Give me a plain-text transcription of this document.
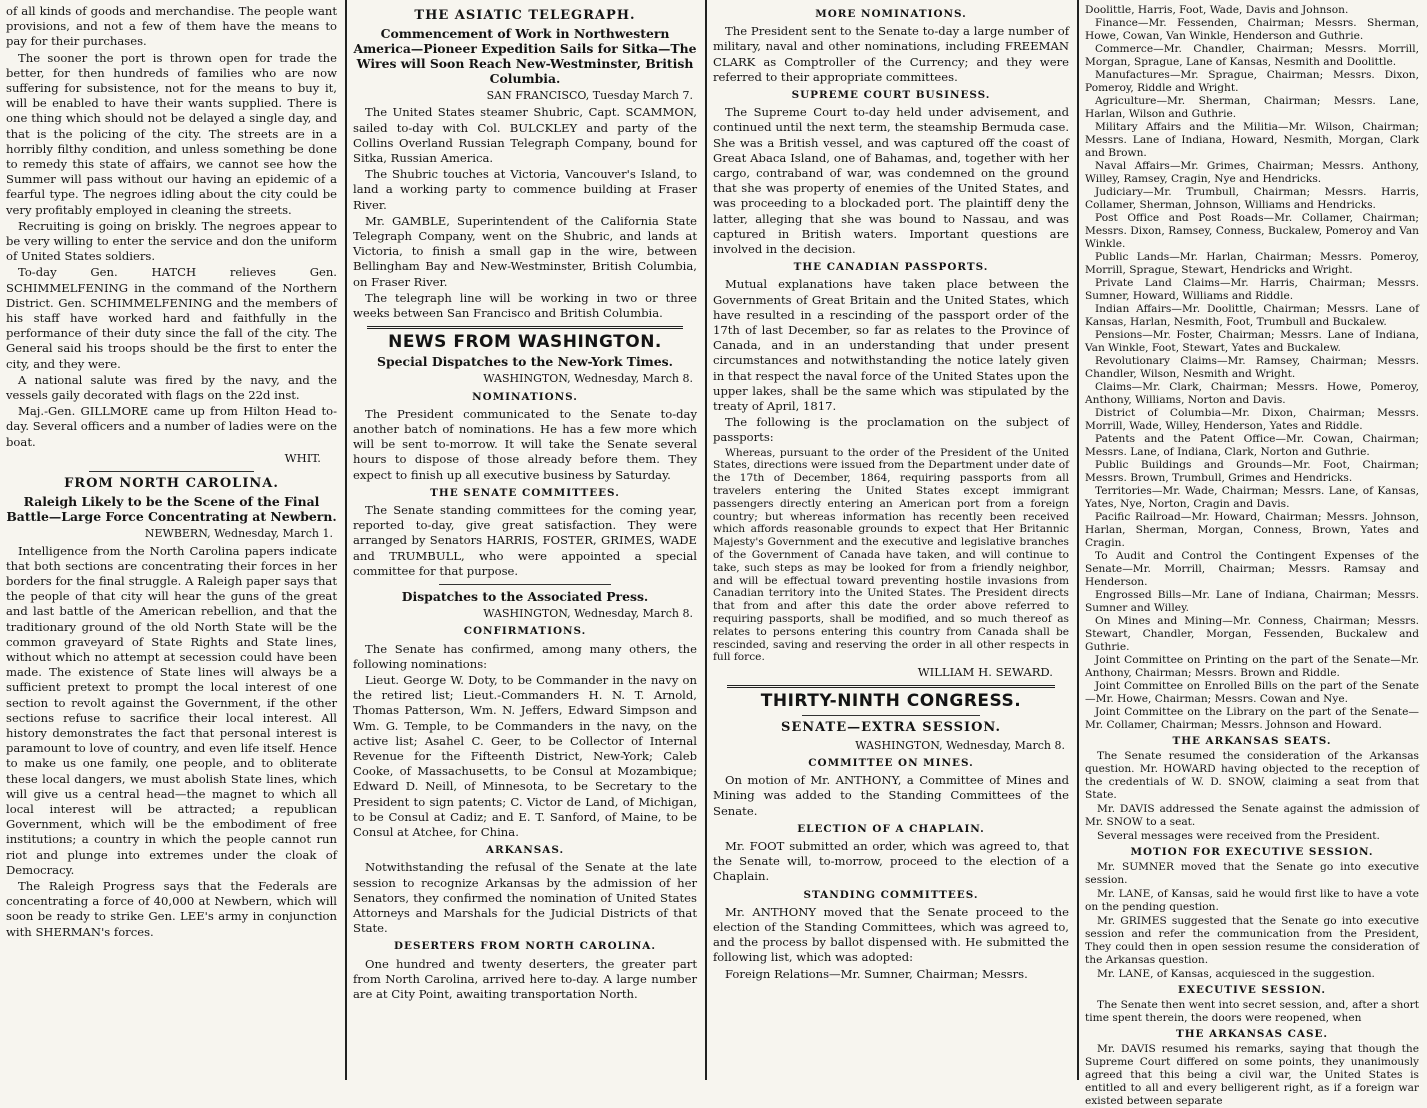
of all kinds of goods and merchandise. The people want provisions, and not a few of them have the means to pay for their purchases.

The sooner the port is thrown open for trade the better, for then hundreds of families who are now suffering for subsistence, not for the means to buy it, will be enabled to have their wants supplied. There is one thing which should not be delayed a single day, and that is the policing of the city. The streets are in a horribly filthy condition, and unless something be done to remedy this state of affairs, we cannot see how the Summer will pass without our having an epidemic of a fearful type. The negroes idling about the city could be very profitably employed in cleaning the streets.

Recruiting is going on briskly. The negroes appear to be very willing to enter the service and don the uniform of United States soldiers.

To-day Gen. HATCH relieves Gen. SCHIMMELFENING in the command of the Northern District. Gen. SCHIMMELFENING and the members of his staff have worked hard and faithfully in the performance of their duty since the fall of the city. The General said his troops should be the first to enter the city, and they were.

A national salute was fired by the navy, and the vessels gaily decorated with flags on the 22d inst.

Maj.-Gen. GILLMORE came up from Hilton Head to-day. Several officers and a number of ladies were on the boat.

WHIT.

FROM NORTH CAROLINA.
Raleigh Likely to be the Scene of the Final Battle—Large Force Concentrating at Newbern.
NEWBERN, Wednesday, March 1.

Intelligence from the North Carolina papers indicate that both sections are concentrating their forces in her borders for the final struggle. A Raleigh paper says that the people of that city will hear the guns of the great and last battle of the American rebellion, and that the traditionary ground of the old North State will be the common graveyard of State Rights and State lines, without which no attempt at secession could have been made. The existence of State lines will always be a sufficient pretext to prompt the local interest of one section to revolt against the Government, if the other sections refuse to sacrifice their local interest. All history demonstrates the fact that personal interest is paramount to love of country, and even life itself. Hence to make us one family, one people, and to obliterate these local dangers, we must abolish State lines, which will give us a central head—the magnet to which all local interest will be attracted; a republican Government, which will be the embodiment of free institutions; a country in which the people cannot run riot and plunge into extremes under the cloak of Democracy.

The Raleigh Progress says that the Federals are concentrating a force of 40,000 at Newbern, which will soon be ready to strike Gen. LEE's army in conjunction with SHERMAN's forces.

THE ASIATIC TELEGRAPH.
Commencement of Work in Northwestern America—Pioneer Expedition Sails for Sitka—The Wires will Soon Reach New-Westminster, British Columbia.
SAN FRANCISCO, Tuesday March 7.

The United States steamer Shubric, Capt. SCAMMON, sailed to-day with Col. BULCKLEY and party of the Collins Overland Russian Telegraph Company, bound for Sitka, Russian America.

The Shubric touches at Victoria, Vancouver's Island, to land a working party to commence building at Fraser River.

Mr. GAMBLE, Superintendent of the California State Telegraph Company, went on the Shubric, and lands at Victoria, to finish a small gap in the wire, between Bellingham Bay and New-Westminster, British Columbia, on Fraser River.

The telegraph line will be working in two or three weeks between San Francisco and British Columbia.

NEWS FROM WASHINGTON.
Special Dispatches to the New-York Times.
WASHINGTON, Wednesday, March 8.
NOMINATIONS.

The President communicated to the Senate to-day another batch of nominations. He has a few more which will be sent to-morrow. It will take the Senate several hours to dispose of those already before them. They expect to finish up all executive business by Saturday.

THE SENATE COMMITTEES.

The Senate standing committees for the coming year, reported to-day, give great satisfaction. They were arranged by Senators HARRIS, FOSTER, GRIMES, WADE and TRUMBULL, who were appointed a special committee for that purpose.

Dispatches to the Associated Press.
WASHINGTON, Wednesday, March 8.
CONFIRMATIONS.

The Senate has confirmed, among many others, the following nominations:

Lieut. George W. Doty, to be Commander in the navy on the retired list; Lieut.-Commanders H. N. T. Arnold, Thomas Patterson, Wm. N. Jeffers, Edward Simpson and Wm. G. Temple, to be Commanders in the navy, on the active list; Asahel C. Geer, to be Collector of Internal Revenue for the Fifteenth District, New-York; Caleb Cooke, of Massachusetts, to be Consul at Mozambique; Edward D. Neill, of Minnesota, to be Secretary to the President to sign patents; C. Victor de Land, of Michigan, to be Consul at Cadiz; and E. T. Sanford, of Maine, to be Consul at Atchee, for China.

ARKANSAS.

Notwithstanding the refusal of the Senate at the late session to recognize Arkansas by the admission of her Senators, they confirmed the nomination of United States Attorneys and Marshals for the Judicial Districts of that State.

DESERTERS FROM NORTH CAROLINA.

One hundred and twenty deserters, the greater part from North Carolina, arrived here to-day. A large number are at City Point, awaiting transportation North.

MORE NOMINATIONS.

The President sent to the Senate to-day a large number of military, naval and other nominations, including FREEMAN CLARK as Comptroller of the Currency; and they were referred to their appropriate committees.

SUPREME COURT BUSINESS.

The Supreme Court to-day held under advisement, and continued until the next term, the steamship Bermuda case. She was a British vessel, and was captured off the coast of Great Abaca Island, one of Bahamas, and, together with her cargo, contraband of war, was condemned on the ground that she was property of enemies of the United States, and was proceeding to a blockaded port. The plaintiff deny the latter, alleging that she was bound to Nassau, and was captured in British waters. Important questions are involved in the decision.

THE CANADIAN PASSPORTS.

Mutual explanations have taken place between the Governments of Great Britain and the United States, which have resulted in a rescinding of the passport order of the 17th of last December, so far as relates to the Province of Canada, and in an understanding that under present circumstances and notwithstanding the notice lately given in that respect the naval force of the United States upon the upper lakes, shall be the same which was stipulated by the treaty of April, 1817.

The following is the proclamation on the subject of passports:

Whereas, pursuant to the order of the President of the United States, directions were issued from the Department under date of the 17th of December, 1864, requiring passports from all travelers entering the United States except immigrant passengers directly entering an American port from a foreign country; but whereas information has recently been received which affords reasonable grounds to expect that Her Britannic Majesty's Government and the executive and legislative branches of the Government of Canada have taken, and will continue to take, such steps as may be looked for from a friendly neighbor, and will be effectual toward preventing hostile invasions from Canadian territory into the United States. The President directs that from and after this date the order above referred to requiring passports, shall be modified, and so much thereof as relates to persons entering this country from Canada shall be rescinded, saving and reserving the order in all other respects in full force.

WILLIAM H. SEWARD.

THIRTY-NINTH CONGRESS.
SENATE—EXTRA SESSION.
WASHINGTON, Wednesday, March 8.
COMMITTEE ON MINES.

On motion of Mr. ANTHONY, a Committee of Mines and Mining was added to the Standing Committees of the Senate.

ELECTION OF A CHAPLAIN.

Mr. FOOT submitted an order, which was agreed to, that the Senate will, to-morrow, proceed to the election of a Chaplain.

STANDING COMMITTEES.

Mr. ANTHONY moved that the Senate proceed to the election of the Standing Committees, which was agreed to, and the process by ballot dispensed with. He submitted the following list, which was adopted:

Foreign Relations—Mr. Sumner, Chairman; Messrs.

Doolittle, Harris, Foot, Wade, Davis and Johnson.

Finance—Mr. Fessenden, Chairman; Messrs. Sherman, Howe, Cowan, Van Winkle, Henderson and Guthrie.

Commerce—Mr. Chandler, Chairman; Messrs. Morrill, Morgan, Sprague, Lane of Kansas, Nesmith and Doolittle.

Manufactures—Mr. Sprague, Chairman; Messrs. Dixon, Pomeroy, Riddle and Wright.

Agriculture—Mr. Sherman, Chairman; Messrs. Lane, Harlan, Wilson and Guthrie.

Military Affairs and the Militia—Mr. Wilson, Chairman; Messrs. Lane of Indiana, Howard, Nesmith, Morgan, Clark and Brown.

Naval Affairs—Mr. Grimes, Chairman; Messrs. Anthony, Willey, Ramsey, Cragin, Nye and Hendricks.

Judiciary—Mr. Trumbull, Chairman; Messrs. Harris, Collamer, Sherman, Johnson, Williams and Hendricks.

Post Office and Post Roads—Mr. Collamer, Chairman; Messrs. Dixon, Ramsey, Conness, Buckalew, Pomeroy and Van Winkle.

Public Lands—Mr. Harlan, Chairman; Messrs. Pomeroy, Morrill, Sprague, Stewart, Hendricks and Wright.

Private Land Claims—Mr. Harris, Chairman; Messrs. Sumner, Howard, Williams and Riddle.

Indian Affairs—Mr. Doolittle, Chairman; Messrs. Lane of Kansas, Harlan, Nesmith, Foot, Trumbull and Buckalew.

Pensions—Mr. Foster, Chairman; Messrs. Lane of Indiana, Van Winkle, Foot, Stewart, Yates and Buckalew.

Revolutionary Claims—Mr. Ramsey, Chairman; Messrs. Chandler, Wilson, Nesmith and Wright.

Claims—Mr. Clark, Chairman; Messrs. Howe, Pomeroy, Anthony, Williams, Norton and Davis.

District of Columbia—Mr. Dixon, Chairman; Messrs. Morrill, Wade, Willey, Henderson, Yates and Riddle.

Patents and the Patent Office—Mr. Cowan, Chairman; Messrs. Lane, of Indiana, Clark, Norton and Guthrie.

Public Buildings and Grounds—Mr. Foot, Chairman; Messrs. Brown, Trumbull, Grimes and Hendricks.

Territories—Mr. Wade, Chairman; Messrs. Lane, of Kansas, Yates, Nye, Norton, Cragin and Davis.

Pacific Railroad—Mr. Howard, Chairman; Messrs. Johnson, Harlan, Sherman, Morgan, Conness, Brown, Yates and Cragin.

To Audit and Control the Contingent Expenses of the Senate—Mr. Morrill, Chairman; Messrs. Ramsay and Henderson.

Engrossed Bills—Mr. Lane of Indiana, Chairman; Messrs. Sumner and Willey.

On Mines and Mining—Mr. Conness, Chairman; Messrs. Stewart, Chandler, Morgan, Fessenden, Buckalew and Guthrie.

Joint Committee on Printing on the part of the Senate—Mr. Anthony, Chairman; Messrs. Brown and Riddle.

Joint Committee on Enrolled Bills on the part of the Senate—Mr. Howe, Chairman; Messrs. Cowan and Nye.

Joint Committee on the Library on the part of the Senate—Mr. Collamer, Chairman; Messrs. Johnson and Howard.

THE ARKANSAS SEATS.

The Senate resumed the consideration of the Arkansas question. Mr. HOWARD having objected to the reception of the credentials of W. D. SNOW, claiming a seat from that State.

Mr. DAVIS addressed the Senate against the admission of Mr. SNOW to a seat.

Several messages were received from the President.

MOTION FOR EXECUTIVE SESSION.

Mr. SUMNER moved that the Senate go into executive session.

Mr. LANE, of Kansas, said he would first like to have a vote on the pending question.

Mr. GRIMES suggested that the Senate go into executive session and refer the communication from the President, They could then in open session resume the consideration of the Arkansas question.

Mr. LANE, of Kansas, acquiesced in the suggestion.

EXECUTIVE SESSION.

The Senate then went into secret session, and, after a short time spent therein, the doors were reopened, when

THE ARKANSAS CASE.

Mr. DAVIS resumed his remarks, saying that though the Supreme Court differed on some points, they unanimously agreed that this being a civil war, the United States is entitled to all and every belligerent right, as if a foreign war existed between separate
